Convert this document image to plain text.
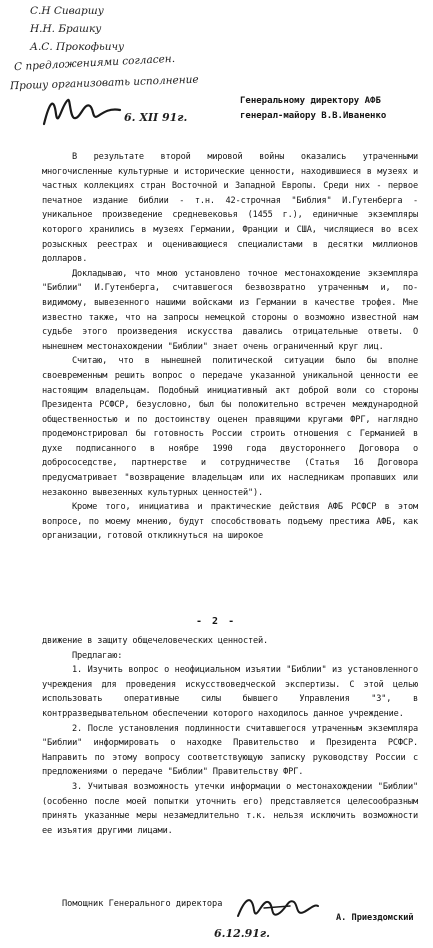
С.Н Сиваршу
Н.Н. Брашку
А.С. Прокофьичу
С предложениями согласен.
Прошу организовать исполнение
6. XII 91г.
Генеральному директору АФБ
генерал-майору В.В.Иваненко

В результате второй мировой войны оказались утраченными многочисленные культурные и исторические ценности, находившиеся в музеях и частных коллекциях стран Восточной и Западной Европы. Среди них - первое печатное издание библии - т.н. 42-строчная "Библия" И.Гутенберга - уникальное произведение средневековья (1455 г.), единичные экземпляры которого хранились в музеях Германии, Франции и США, числящиеся во всех розыскных реестрах и оценивающиеся специалистами в десятки миллионов долларов.

Докладываю, что мною установлено точное местонахождение экземпляра "Библии" И.Гутенберга, считавшегося безвозвратно утраченным и, по-видимому, вывезенного нашими войсками из Германии в качестве трофея. Мне известно также, что на запросы немецкой стороны о возможно известной нам судьбе этого произведения искусства давались отрицательные ответы. О нынешнем местонахождении "Библии" знает очень ограниченный круг лиц.

Считаю, что в нынешней политической ситуации было бы вполне своевременным решить вопрос о передаче указанной уникальной ценности ее настоящим владельцам. Подобный инициативный акт доброй воли со стороны Президента РСФСР, безусловно, был бы положительно встречен международной общественностью и по достоинству оценен правящими кругами ФРГ, наглядно продемонстрировал бы готовность России строить отношения с Германией в духе подписанного в ноябре 1990 года двустороннего Договора о добрососедстве, партнерстве и сотрудничестве (Статья 16 Договора предусматривает "возвращение владельцам или их наследникам пропавших или незаконно вывезенных культурных ценностей").

Кроме того, инициатива и практические действия АФБ РСФСР в этом вопросе, по моему мнению, будут способствовать подъему престижа АФБ, как организации, готовой откликнуться на широкое

- 2 -

движение в защиту общечеловеческих ценностей.

Предлагаю:

1. Изучить вопрос о неофициальном изъятии "Библии" из установленного учреждения для проведения искусствоведческой экспертизы. С этой целью использовать оперативные силы бывшего Управления "З", в контрразведывательном обеспечении которого находилось данное учреждение.

2. После установления подлинности считавшегося утраченным экземпляра "Библии" информировать о находке Правительство и Президента РСФСР. Направить по этому вопросу соответствующую записку руководству России с предложениями о передаче "Библии" Правительству ФРГ.

3. Учитывая возможность утечки информации о местонахождении "Библии" (особенно после моей попытки уточнить его) представляется целесообразным принять указанные меры незамедлительно т.к. нельзя исключить возможности ее изъятия другими лицами.

Помощник Генерального директора
А. Приездомский
6.12.91г.
